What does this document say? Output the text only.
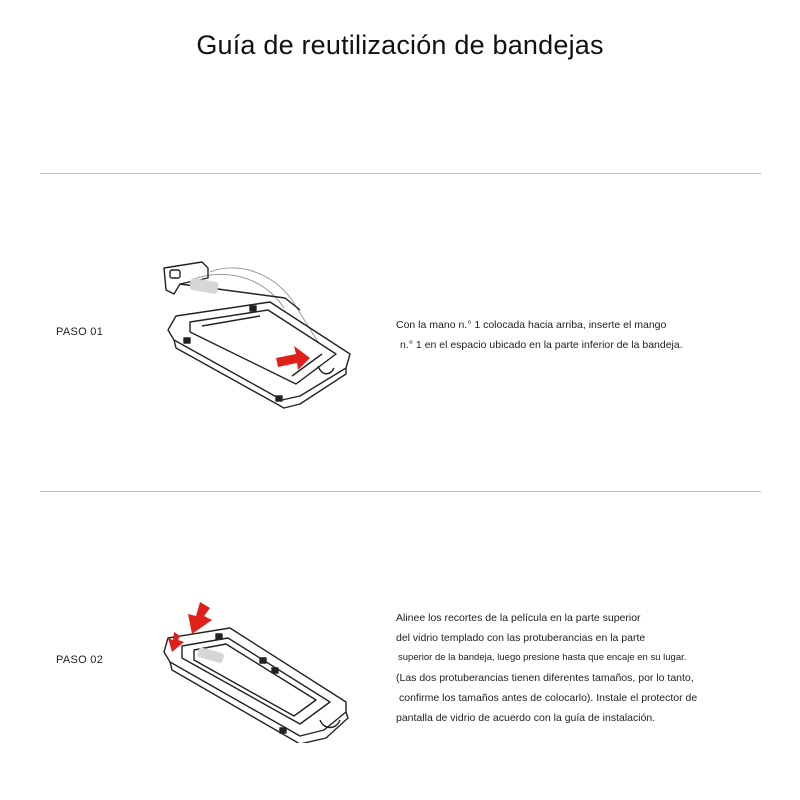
Guía de reutilización de bandejas
PASO 01
Con la mano n.° 1 colocada hacia arriba, inserte el mango
n.° 1 en el espacio ubicado en la parte inferior de la bandeja.
PASO 02
Alinee los recortes de la película en la parte superior
del vidrio templado con las protuberancias en la parte
superior de la bandeja, luego presione hasta que encaje en su lugar.
(Las dos protuberancias tienen diferentes tamaños, por lo tanto,
confirme los tamaños antes de colocarlo). Instale el protector de
pantalla de vidrio de acuerdo con la guía de instalación.
